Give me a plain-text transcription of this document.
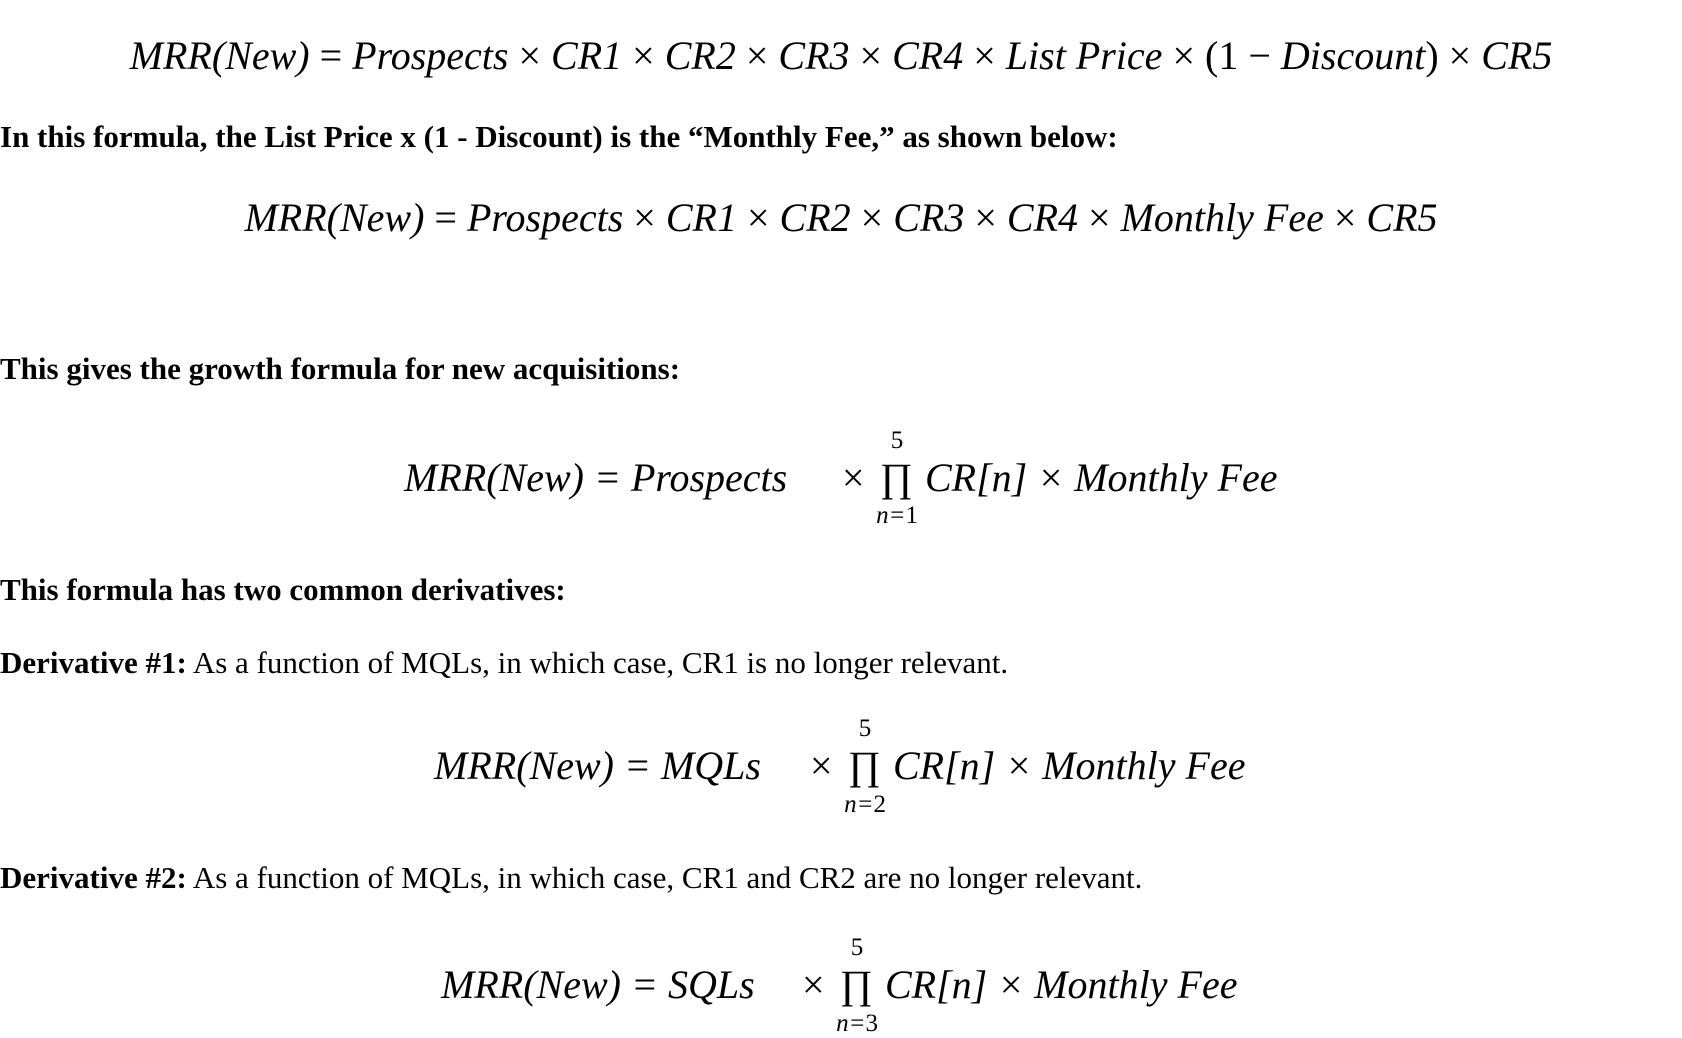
MRR(New) = Prospects × CR1 × CR2 × CR3 × CR4 × List Price × (1 − Discount) × CR5
In this formula, the List Price x (1 - Discount) is the “Monthly Fee,” as shown below:
MRR(New) = Prospects × CR1 × CR2 × CR3 × CR4 × Monthly Fee × CR5
This gives the growth formula for new acquisitions:
MRR(New) = Prospects ×
5
∏
n=1
CR[n] × Monthly Fee
This formula has two common derivatives:
Derivative #1: As a function of MQLs, in which case, CR1 is no longer relevant.
MRR(New) = MQLs ×
5
∏
n=2
CR[n] × Monthly Fee
Derivative #2: As a function of MQLs, in which case, CR1 and CR2 are no longer relevant.
MRR(New) = SQLs ×
5
∏
n=3
CR[n] × Monthly Fee
